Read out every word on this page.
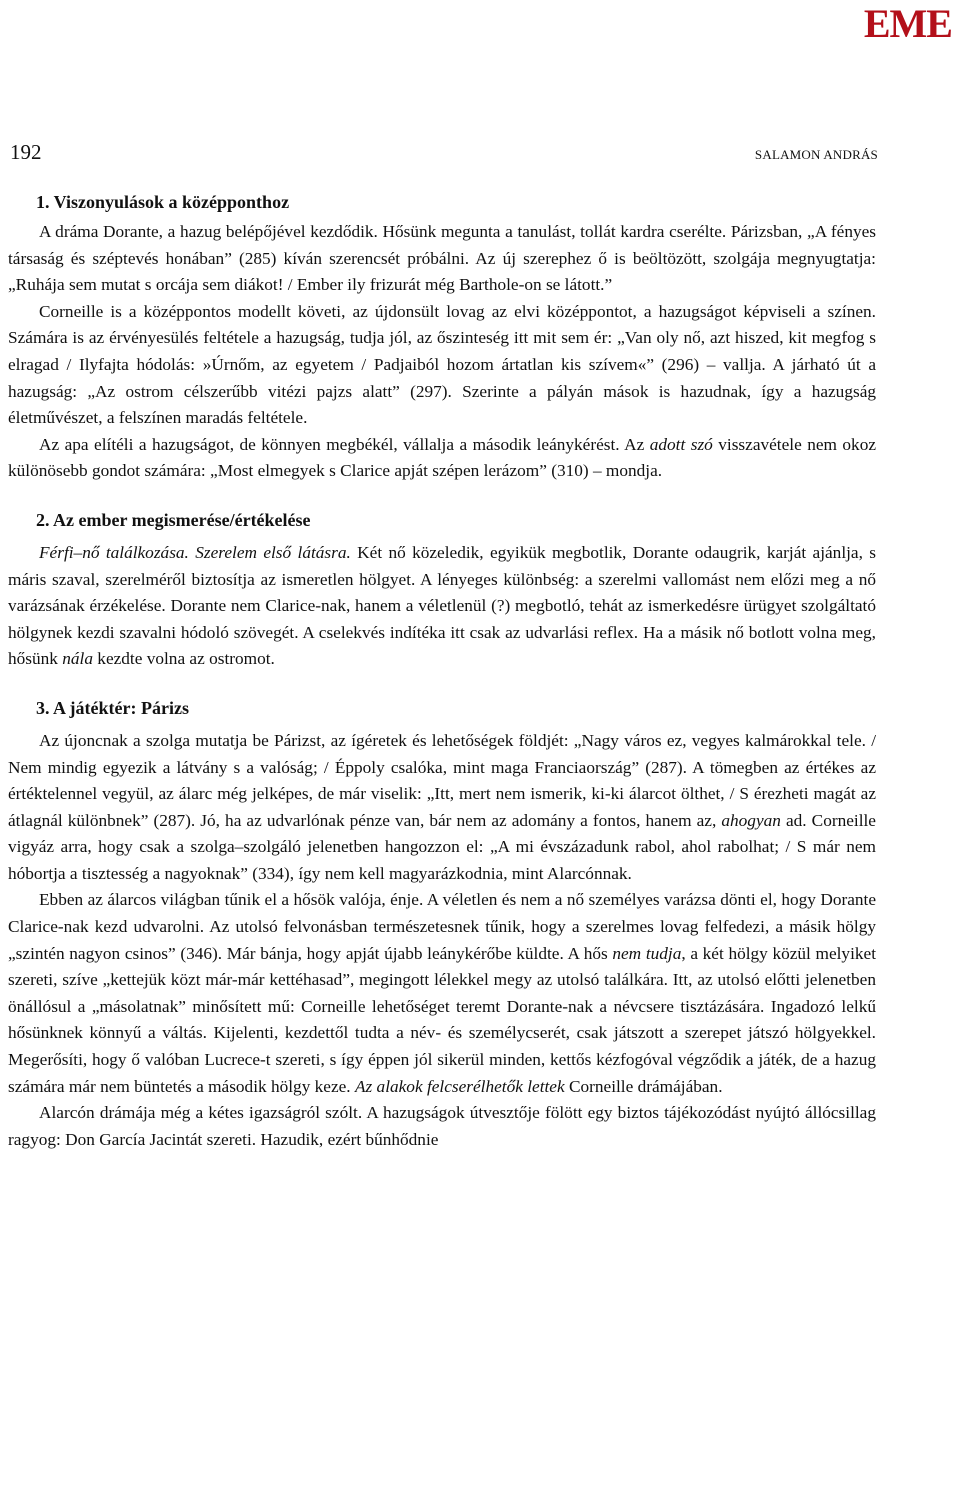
EME
192	SALAMON ANDRÁS
1. Viszonyulások a középponthoz

A dráma Dorante, a hazug belépőjével kezdődik. Hősünk megunta a tanulást, tollát kardra cserélte. Párizsban, „A fényes társaság és széptevés honában” (285) kíván szerencsét próbálni. Az új szerephez ő is beöltözött, szolgája megnyugtatja: „Ruhája sem mutat s orcája sem diákot! / Ember ily frizurát még Barthole-on se látott.”

Corneille is a középpontos modellt követi, az újdonsült lovag az elvi középpontot, a hazugságot képviseli a színen. Számára is az érvényesülés feltétele a hazugság, tudja jól, az őszinteség itt mit sem ér: „Van oly nő, azt hiszed, kit megfog s elragad / Ilyfajta hódolás: »Úrnőm, az egyetem / Padjaiból hozom ártatlan kis szívem«” (296) – vallja. A járható út a hazugság: „Az ostrom célszerűbb vitézi pajzs alatt” (297). Szerinte a pályán mások is hazudnak, így a hazugság életművészet, a felszínen maradás feltétele.

Az apa elítéli a hazugságot, de könnyen megbékél, vállalja a második leánykérést. Az adott szó visszavétele nem okoz különösebb gondot számára: „Most elmegyek s Clarice apját szépen lerázom” (310) – mondja.

2. Az ember megismerése/értékelése

Férfi–nő találkozása. Szerelem első látásra. Két nő közeledik, egyikük megbotlik, Dorante odaugrik, karját ajánlja, s máris szaval, szerelméről biztosítja az ismeretlen hölgyet. A lényeges különbség: a szerelmi vallomást nem előzi meg a nő varázsának érzékelése. Dorante nem Clarice-nak, hanem a véletlenül (?) megbotló, tehát az ismerkedésre ürügyet szolgáltató hölgynek kezdi szavalni hódoló szövegét. A cselekvés indítéka itt csak az udvarlási reflex. Ha a másik nő botlott volna meg, hősünk nála kezdte volna az ostromot.

3. A játéktér: Párizs

Az újoncnak a szolga mutatja be Párizst, az ígéretek és lehetőségek földjét: „Nagy város ez, vegyes kalmárokkal tele. / Nem mindig egyezik a látvány s a valóság; / Éppoly csalóka, mint maga Franciaország” (287). A tömegben az értékes az értéktelennel vegyül, az álarc még jelképes, de már viselik: „Itt, mert nem ismerik, ki-ki álarcot ölthet, / S érezheti magát az átlagnál különbnek” (287). Jó, ha az udvarlónak pénze van, bár nem az adomány a fontos, hanem az, ahogyan ad. Corneille vigyáz arra, hogy csak a szolga–szolgáló jelenetben hangozzon el: „A mi évszázadunk rabol, ahol rabolhat; / S már nem hóbortja a tisztesség a nagyoknak” (334), így nem kell magyarázkodnia, mint Alarcónnak.

Ebben az álarcos világban tűnik el a hősök valója, énje. A véletlen és nem a nő személyes varázsa dönti el, hogy Dorante Clarice-nak kezd udvarolni. Az utolsó felvonásban természetesnek tűnik, hogy a szerelmes lovag felfedezi, a másik hölgy „szintén nagyon csinos” (346). Már bánja, hogy apját újabb leánykérőbe küldte. A hős nem tudja, a két hölgy közül melyiket szereti, szíve „kettejük közt már-már kettéhasad”, megingott lélekkel megy az utolsó találkára. Itt, az utolsó előtti jelenetben önállósul a „másolatnak” minősített mű: Corneille lehetőséget teremt Dorante-nak a névcsere tisztázására. Ingadozó lelkű hősünknek könnyű a váltás. Kijelenti, kezdettől tudta a név- és személycserét, csak játszott a szerepet játszó hölgyekkel. Megerősíti, hogy ő valóban Lucrece-t szereti, s így éppen jól sikerül minden, kettős kézfogóval végződik a játék, de a hazug számára már nem büntetés a második hölgy keze. Az alakok felcserélhetők lettek Corneille drámájában.

Alarcón drámája még a kétes igazságról szólt. A hazugságok útvesztője fölött egy biztos tájékozódást nyújtó állócsillag ragyog: Don García Jacintát szereti. Hazudik, ezért bűnhődnie
